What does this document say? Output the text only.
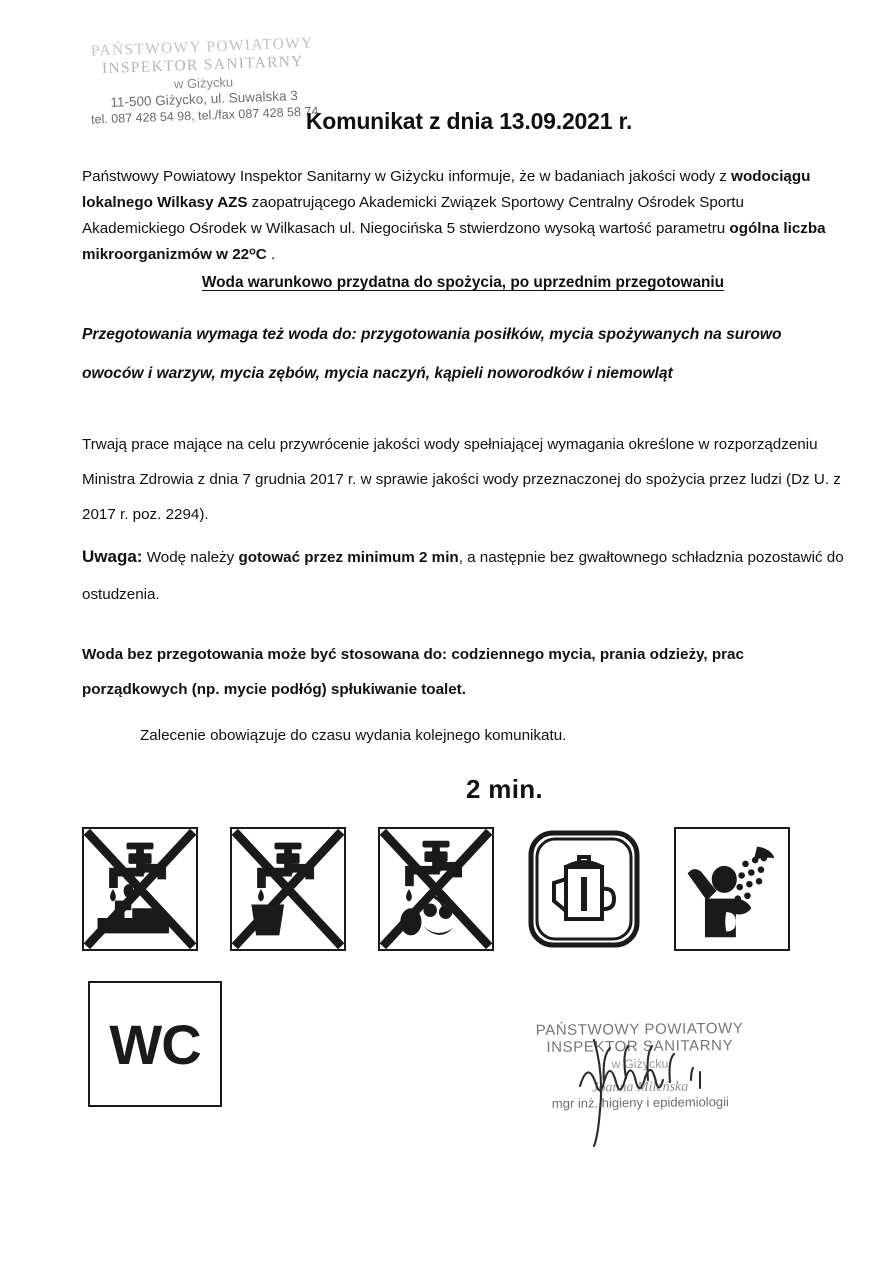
PAŃSTWOWY POWIATOWY
INSPEKTOR SANITARNY
w Giżycku
11-500 Giżycko, ul. Suwalska 3
tel. 087 428 54 98, tel./fax 087 428 58 74
Komunikat z dnia 13.09.2021 r.
Państwowy Powiatowy Inspektor Sanitarny w Giżycku informuje, że w badaniach jakości wody z wodociągu lokalnego Wilkasy AZS zaopatrującego Akademicki Związek Sportowy Centralny Ośrodek Sportu Akademickiego Ośrodek w Wilkasach ul. Niegocińska 5 stwierdzono wysoką wartość parametru ogólna liczba mikroorganizmów w 22$^o$C .
Woda warunkowo przydatna do spożycia, po uprzednim przegotowaniu
Przegotowania wymaga też woda do: przygotowania posiłków, mycia spożywanych na surowo owoców i warzyw, mycia zębów, mycia naczyń, kąpieli noworodków i niemowląt
Trwają prace mające na celu przywrócenie jakości wody spełniającej wymagania określone w rozporządzeniu Ministra Zdrowia z dnia 7 grudnia 2017 r. w sprawie jakości wody przeznaczonej do spożycia przez ludzi (Dz U. z 2017 r. poz. 2294).
Uwaga: Wodę należy gotować przez minimum 2 min, a następnie bez gwałtownego schładznia pozostawić do ostudzenia.
Woda bez przegotowania może być stosowana do: codziennego mycia, prania odzieży, prac porządkowych (np. mycie podłóg) spłukiwanie toalet.
Zalecenie obowiązuje do czasu wydania kolejnego komunikatu.
2 min.
WC	PAŃSTWOWY POWIATOWY
INSPEKTOR SANITARNY
w Giżycku
Joanna Mileńska
mgr inż. higieny i epidemiologii
